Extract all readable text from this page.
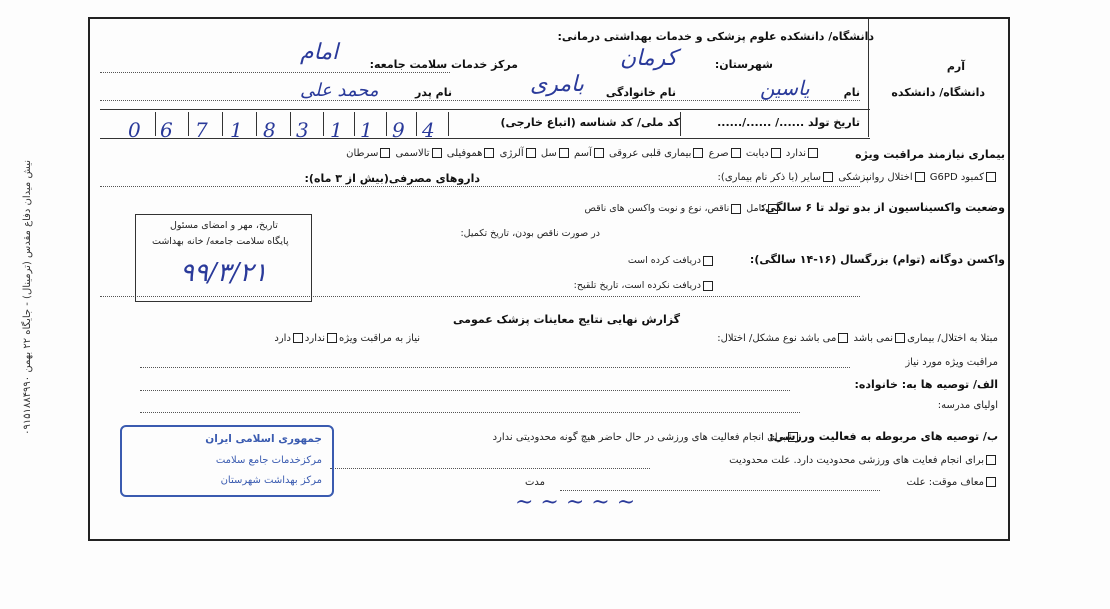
دانشگاه/ دانشکده علوم پزشکی و خدمات بهداشتی درمانی:
شهرستان:
مرکز خدمات سلامت جامعه:	آرم
دانشگاه/ دانشکده
کرمان
امام
نام
نام خانوادگی
نام پدر	یاسین
بامری
محمد علی
تاریخ تولد ....../ ....../......
کد ملی/ کد شناسه (اتباع خارجی)
0 6 7 1 8 3 1 1 9 4
بیماری نیازمند مراقبت ویژه
ندارد دیابت صرع بیماری قلبی عروقی آسم سل آلرژی هموفیلی تالاسمی سرطان
کمبود G6PD اختلال روانپزشکی سایر (با ذکر نام بیماری):
داروهای مصرفی(بیش از ۳ ماه):
وضعیت واکسیناسیون از بدو تولد تا ۶ سالگی:
کامل ناقص، نوع و نوبت واکسن های ناقص
در صورت ناقص بودن، تاریخ تکمیل:
واکسن دوگانه (توام) بزرگسال (۱۶-۱۴ سالگی):
دریافت کرده است
دریافت نکرده است، تاریخ تلقیح:
تاریخ، مهر و امضای مسئول
پایگاه سلامت جامعه/ خانه بهداشت
۹۹/۳/۲۱
گزارش نهایی نتایج معاینات پزشک عمومی
مبتلا به اختلال/ بیمارینمی باشد می باشد نوع مشکل/ اختلال:
نیاز به مراقبت ویژهندارددارد
مراقبت ویژه مورد نیاز
الف/ توصیه ها به: خانواده:
اولیای مدرسه:
ب/ توصیه های مربوطه به فعالیت ورزشی:
برای انجام فعالیت های ورزشی در حال حاضر هیچ گونه محدودیتی ندارد
برای انجام فعایت های ورزشی محدودیت دارد. علت محدودیت
معاف موقت: علت
مدت
~ ~ ~ ~ ~
جمهوری اسلامی ایران
مرکزخدمات جامع سلامت
مرکز بهداشت شهرستان
نیش میدان دفاع مقدس (ترمینال) - جایگاه ۲۲ بهمن ۰۹۱۵۱۸۸۴۹۹۰
